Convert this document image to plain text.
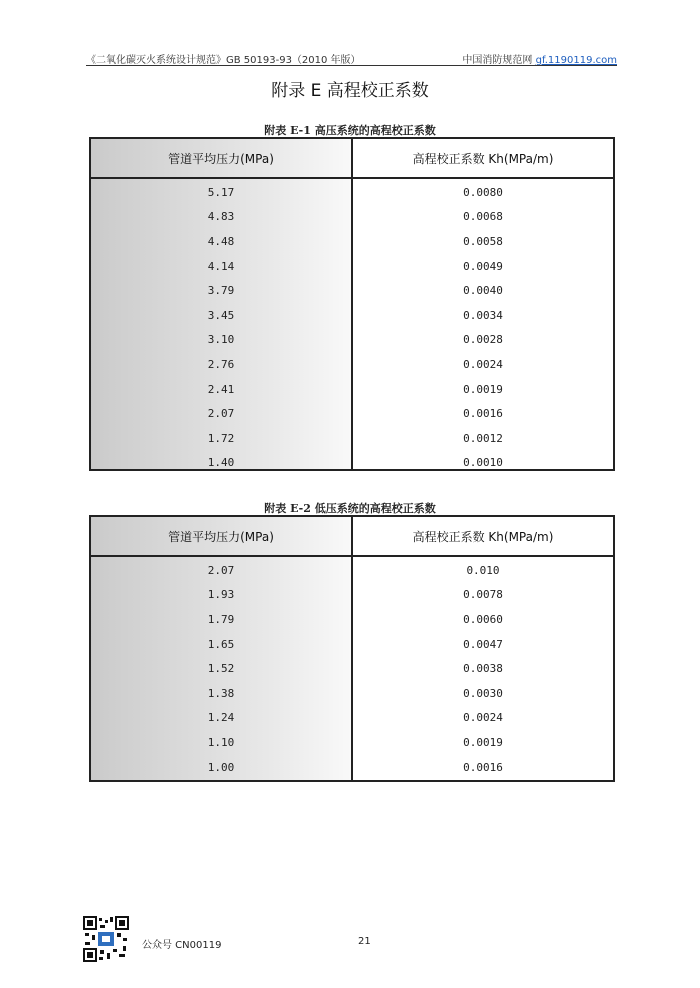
《二氧化碳灭火系统设计规范》GB 50193-93（2010 年版）	中国消防规范网 gf.1190119.com
附录 E 高程校正系数
附表 E-1 高压系统的高程校正系数
管道平均压力(MPa)	高程校正系数 Kh(MPa/m)
5.17	0.0080
4.83	0.0068
4.48	0.0058
4.14	0.0049
3.79	0.0040
3.45	0.0034
3.10	0.0028
2.76	0.0024
2.41	0.0019
2.07	0.0016
1.72	0.0012
1.40	0.0010
附表 E-2 低压系统的高程校正系数
管道平均压力(MPa)	高程校正系数 Kh(MPa/m)
2.07	0.010
1.93	0.0078
1.79	0.0060
1.65	0.0047
1.52	0.0038
1.38	0.0030
1.24	0.0024
1.10	0.0019
1.00	0.0016
公众号 CN00119	21
